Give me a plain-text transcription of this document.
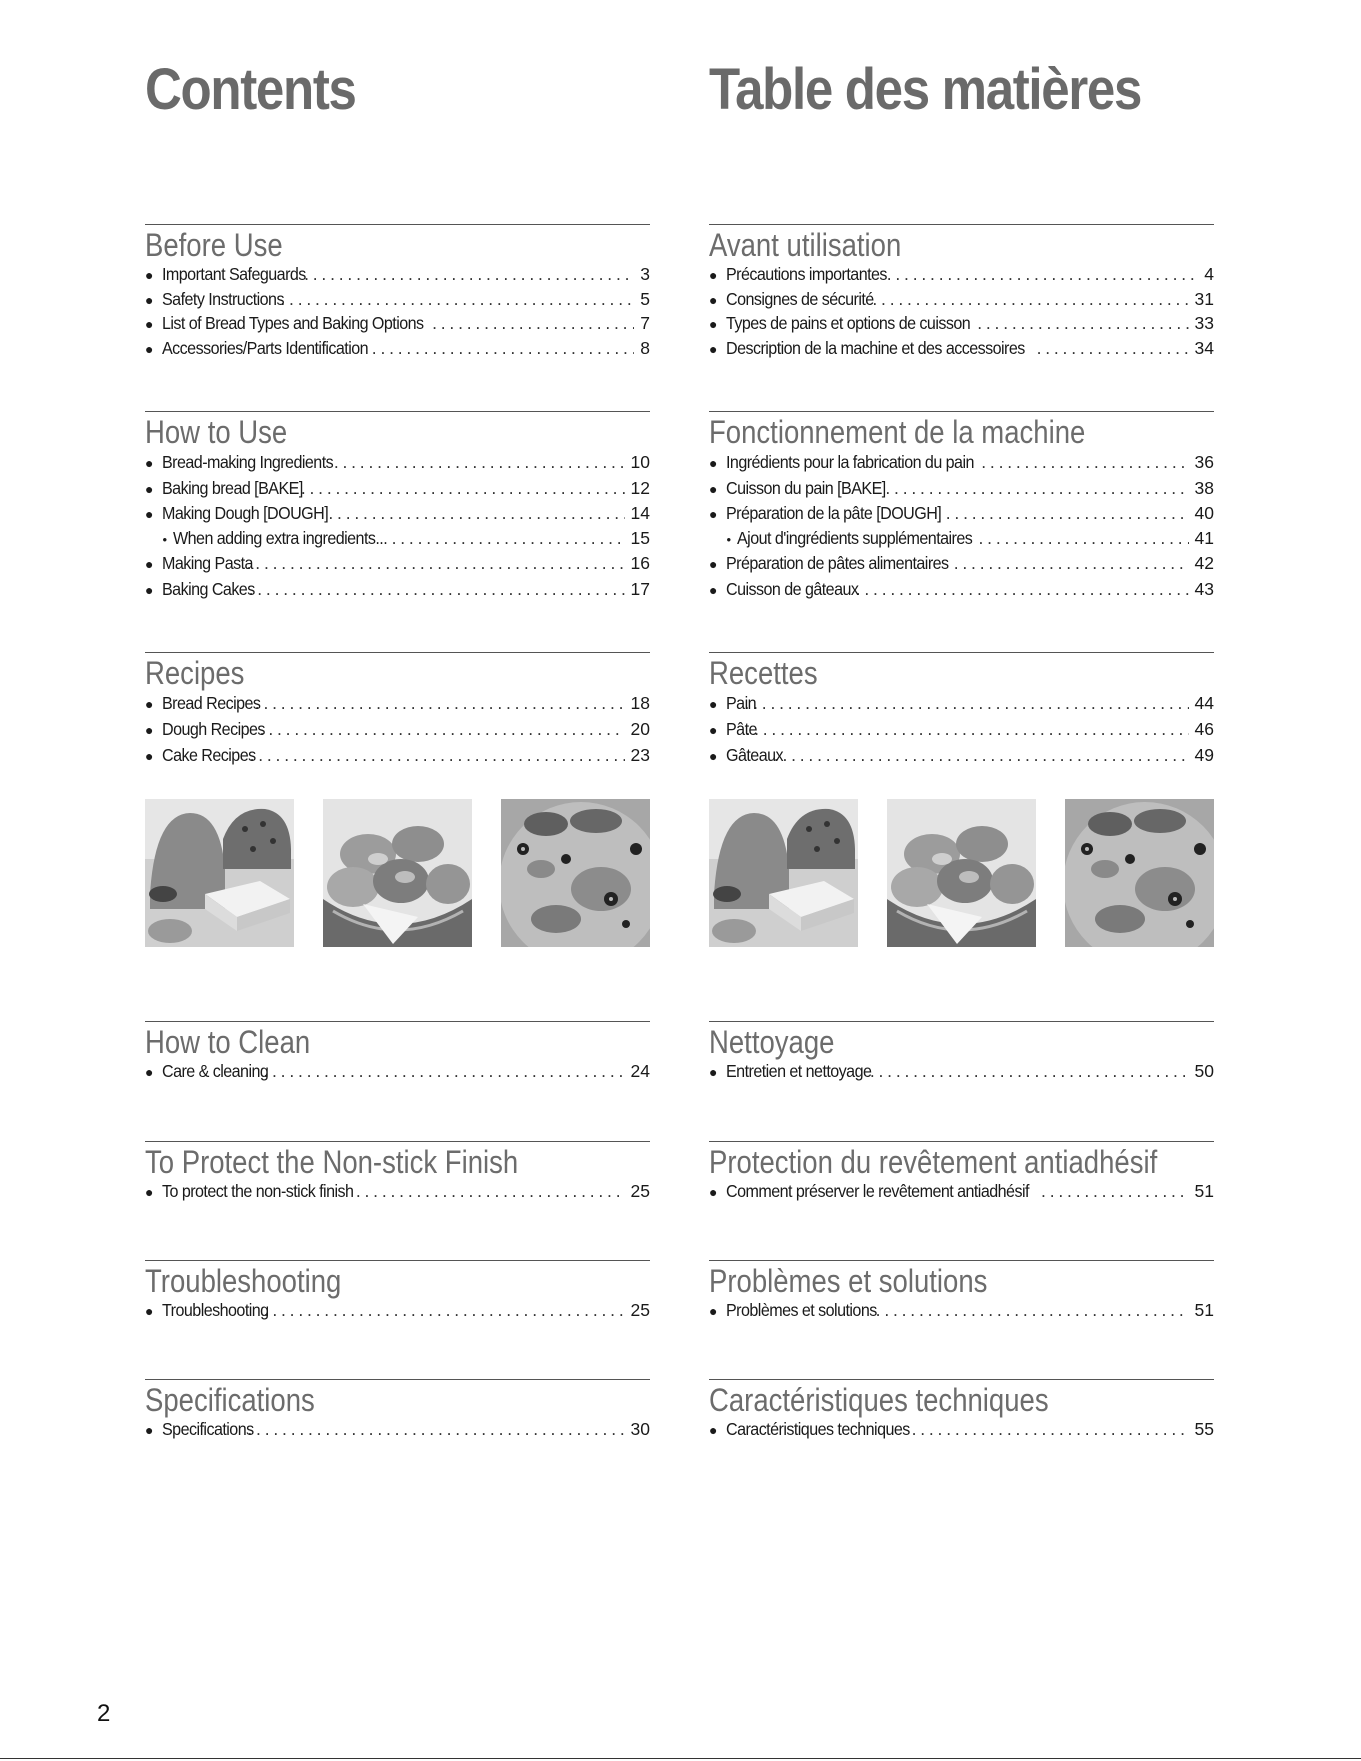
Contents
Before Use
● Important Safeguards .....	3
● Safety Instructions .....	5
● List of Bread Types and Baking Options .....	7
● Accessories/Parts Identification .....	8
How to Use
● Bread-making Ingredients .....	10
● Baking bread [BAKE] .....	12
● Making Dough [DOUGH] .....	14
• When adding extra ingredients... .....	15
● Making Pasta .....	16
● Baking Cakes .....	17
Recipes
● Bread Recipes .....	18
● Dough Recipes .....	20
● Cake Recipes .....	23
How to Clean
● Care & cleaning .....	24
To Protect the Non-stick Finish
● To protect the non-stick finish .....	25
Troubleshooting
● Troubleshooting .....	25
Specifications
● Specifications .....	30
Table des matières
Avant utilisation
● Précautions importantes .....	4
● Consignes de sécurité .....	31
● Types de pains et options de cuisson .....	33
● Description de la machine et des accessoires .....	34
Fonctionnement de la machine
● Ingrédients pour la fabrication du pain .....	36
● Cuisson du pain [BAKE] .....	38
● Préparation de la pâte [DOUGH] .....	40
• Ajout d'ingrédients supplémentaires .....	41
● Préparation de pâtes alimentaires .....	42
● Cuisson de gâteaux .....	43
Recettes
● Pain .....	44
● Pâte .....	46
● Gâteaux .....	49
Nettoyage
● Entretien et nettoyage .....	50
Protection du revêtement antiadhésif
● Comment préserver le revêtement antiadhésif .....	51
Problèmes et solutions
● Problèmes et solutions .....	51
Caractéristiques techniques
● Caractéristiques techniques .....	55
2
